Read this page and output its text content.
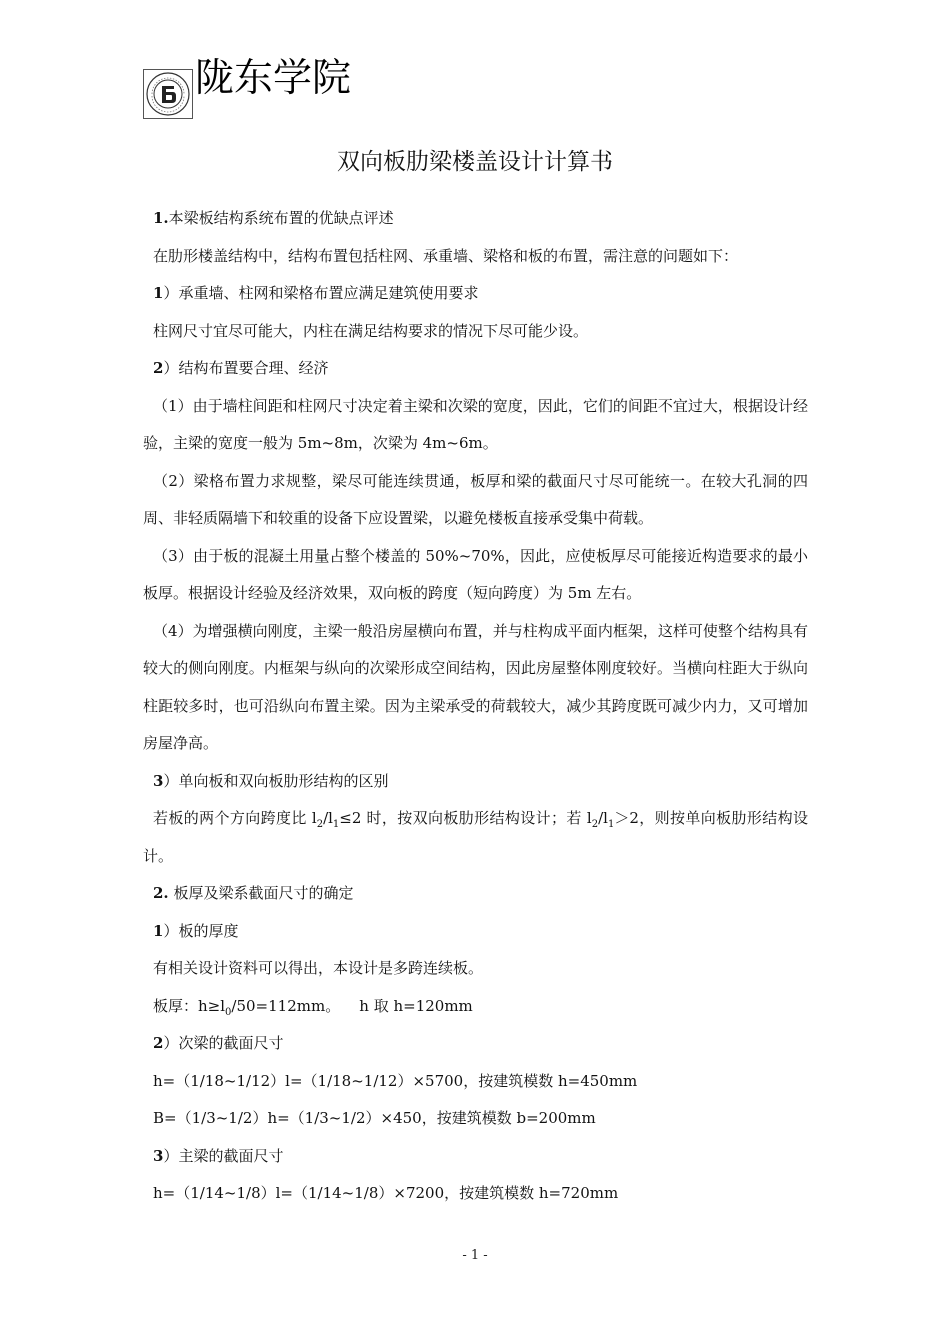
陇东学院
双向板肋梁楼盖设计计算书

1.本梁板结构系统布置的优缺点评述

在肋形楼盖结构中，结构布置包括柱网、承重墙、梁格和板的布置，需注意的问题如下：

1）承重墙、柱网和梁格布置应满足建筑使用要求

柱网尺寸宜尽可能大，内柱在满足结构要求的情况下尽可能少设。

2）结构布置要合理、经济

（1）由于墙柱间距和柱网尺寸决定着主梁和次梁的宽度，因此，它们的间距不宜过大，根据设计经验，主梁的宽度一般为 5m~8m，次梁为 4m~6m。

（2）梁格布置力求规整，梁尽可能连续贯通，板厚和梁的截面尺寸尽可能统一。在较大孔洞的四周、非轻质隔墙下和较重的设备下应设置梁，以避免楼板直接承受集中荷载。

（3）由于板的混凝土用量占整个楼盖的 50%~70%，因此，应使板厚尽可能接近构造要求的最小板厚。根据设计经验及经济效果，双向板的跨度（短向跨度）为 5m 左右。

（4）为增强横向刚度，主梁一般沿房屋横向布置，并与柱构成平面内框架，这样可使整个结构具有较大的侧向刚度。内框架与纵向的次梁形成空间结构，因此房屋整体刚度较好。当横向柱距大于纵向柱距较多时，也可沿纵向布置主梁。因为主梁承受的荷载较大，减少其跨度既可减少内力，又可增加房屋净高。

3）单向板和双向板肋形结构的区别

若板的两个方向跨度比 $l_2/l_1\le 2$ 时，按双向板肋形结构设计；若 $l_2/l_1>2$，则按单向板肋形结构设计。

2. 板厚及梁系截面尺寸的确定

1）板的厚度

有相关设计资料可以得出，本设计是多跨连续板。

板厚：$h\ge l_0/50=112mm$。    h 取 h=120mm

2）次梁的截面尺寸

h=（1/18~1/12）l=（1/18~1/12）×5700，按建筑模数 h=450mm

B=（1/3~1/2）h=（1/3~1/2）×450，按建筑模数 b=200mm

3）主梁的截面尺寸

h=（1/14~1/8）l=（1/14~1/8）×7200，按建筑模数 h=720mm

- 1 -
